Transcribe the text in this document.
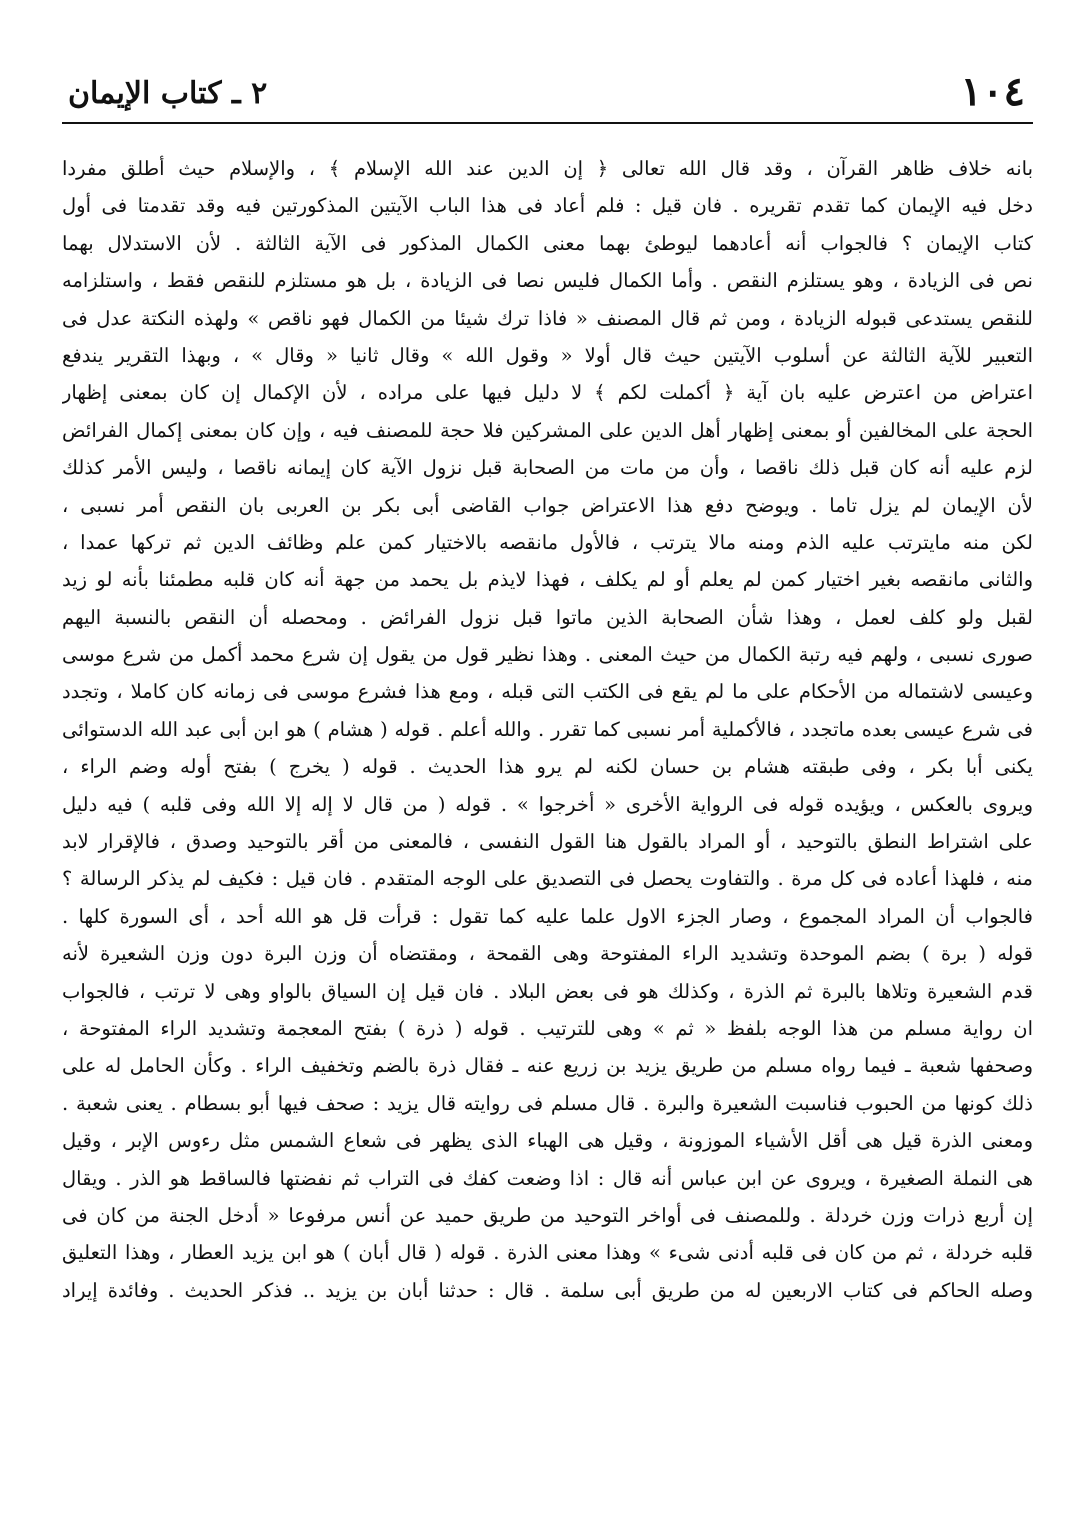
٢ ـ كتاب الإيمان	١٠٤
بانه خلاف ظاهر القرآن ، وقد قال الله تعالى ﴿ إن الدين عند الله الإسلام ﴾ ، والإسلام حيث أطلق مفردا
دخل فيه الإيمان كما تقدم تقريره . فان قيل : فلم أعاد فى هذا الباب الآيتين المذكورتين فيه وقد تقدمتا فى أول
كتاب الإيمان ؟ فالجواب أنه أعادهما ليوطئ بهما معنى الكمال المذكور فى الآية الثالثة . لأن الاستدلال بهما
نص فى الزيادة ، وهو يستلزم النقص . وأما الكمال فليس نصا فى الزيادة ، بل هو مستلزم للنقص فقط ، واستلزامه
للنقص يستدعى قبوله الزيادة ، ومن ثم قال المصنف « فاذا ترك شيئا من الكمال فهو ناقص » ولهذه النكتة عدل فى
التعبير للآية الثالثة عن أسلوب الآيتين حيث قال أولا « وقول الله » وقال ثانيا « وقال » ، وبهذا التقرير يندفع
اعتراض من اعترض عليه بان آية ﴿ أكملت لكم ﴾ لا دليل فيها على مراده ، لأن الإكمال إن كان بمعنى إظهار
الحجة على المخالفين أو بمعنى إظهار أهل الدين على المشركين فلا حجة للمصنف فيه ، وإن كان بمعنى إكمال الفرائض
لزم عليه أنه كان قبل ذلك ناقصا ، وأن من مات من الصحابة قبل نزول الآية كان إيمانه ناقصا ، وليس الأمر كذلك
لأن الإيمان لم يزل تاما . ويوضح دفع هذا الاعتراض جواب القاضى أبى بكر بن العربى بان النقص أمر نسبى ،
لكن منه مايترتب عليه الذم ومنه مالا يترتب ، فالأول مانقصه بالاختيار كمن علم وظائف الدين ثم تركها عمدا ،
والثانى مانقصه بغير اختيار كمن لم يعلم أو لم يكلف ، فهذا لايذم بل يحمد من جهة أنه كان قلبه مطمئنا بأنه لو زيد
لقبل ولو كلف لعمل ، وهذا شأن الصحابة الذين ماتوا قبل نزول الفرائض . ومحصله أن النقص بالنسبة اليهم
صورى نسبى ، ولهم فيه رتبة الكمال من حيث المعنى . وهذا نظير قول من يقول إن شرع محمد أكمل من شرع موسى
وعيسى لاشتماله من الأحكام على ما لم يقع فى الكتب التى قبله ، ومع هذا فشرع موسى فى زمانه كان كاملا ، وتجدد
فى شرع عيسى بعده ماتجدد ، فالأكملية أمر نسبى كما تقرر . والله أعلم . قوله ( هشام ) هو ابن أبى عبد الله الدستوائى
يكنى أبا بكر ، وفى طبقته هشام بن حسان لكنه لم يرو هذا الحديث . قوله ( يخرج ) بفتح أوله وضم الراء ،
ويروى بالعكس ، ويؤيده قوله فى الرواية الأخرى « أخرجوا » . قوله ( من قال لا إله إلا الله وفى قلبه ) فيه دليل
على اشتراط النطق بالتوحيد ، أو المراد بالقول هنا القول النفسى ، فالمعنى من أقر بالتوحيد وصدق ، فالإقرار لابد
منه ، فلهذا أعاده فى كل مرة . والتفاوت يحصل فى التصديق على الوجه المتقدم . فان قيل : فكيف لم يذكر الرسالة ؟
فالجواب أن المراد المجموع ، وصار الجزء الاول علما عليه كما تقول : قرأت قل هو الله أحد ، أى السورة كلها .
قوله ( برة ) بضم الموحدة وتشديد الراء المفتوحة وهى القمحة ، ومقتضاه أن وزن البرة دون وزن الشعيرة لأنه
قدم الشعيرة وتلاها بالبرة ثم الذرة ، وكذلك هو فى بعض البلاد . فان قيل إن السياق بالواو وهى لا ترتب ، فالجواب
ان رواية مسلم من هذا الوجه بلفظ « ثم » وهى للترتيب . قوله ( ذرة ) بفتح المعجمة وتشديد الراء المفتوحة ،
وصحفها شعبة ـ فيما رواه مسلم من طريق يزيد بن زريع عنه ـ فقال ذرة بالضم وتخفيف الراء . وكأن الحامل له على
ذلك كونها من الحبوب فناسبت الشعيرة والبرة . قال مسلم فى روايته قال يزيد : صحف فيها أبو بسطام . يعنى شعبة .
ومعنى الذرة قيل هى أقل الأشياء الموزونة ، وقيل هى الهباء الذى يظهر فى شعاع الشمس مثل رءوس الإبر ، وقيل
هى النملة الصغيرة ، ويروى عن ابن عباس أنه قال : اذا وضعت كفك فى التراب ثم نفضتها فالساقط هو الذر . ويقال
إن أربع ذرات وزن خردلة . وللمصنف فى أواخر التوحيد من طريق حميد عن أنس مرفوعا « أدخل الجنة من كان فى
قلبه خردلة ، ثم من كان فى قلبه أدنى شىء » وهذا معنى الذرة . قوله ( قال أبان ) هو ابن يزيد العطار ، وهذا التعليق
وصله الحاكم فى كتاب الاربعين له من طريق أبى سلمة . قال : حدثنا أبان بن يزيد .. فذكر الحديث . وفائدة إيراد
